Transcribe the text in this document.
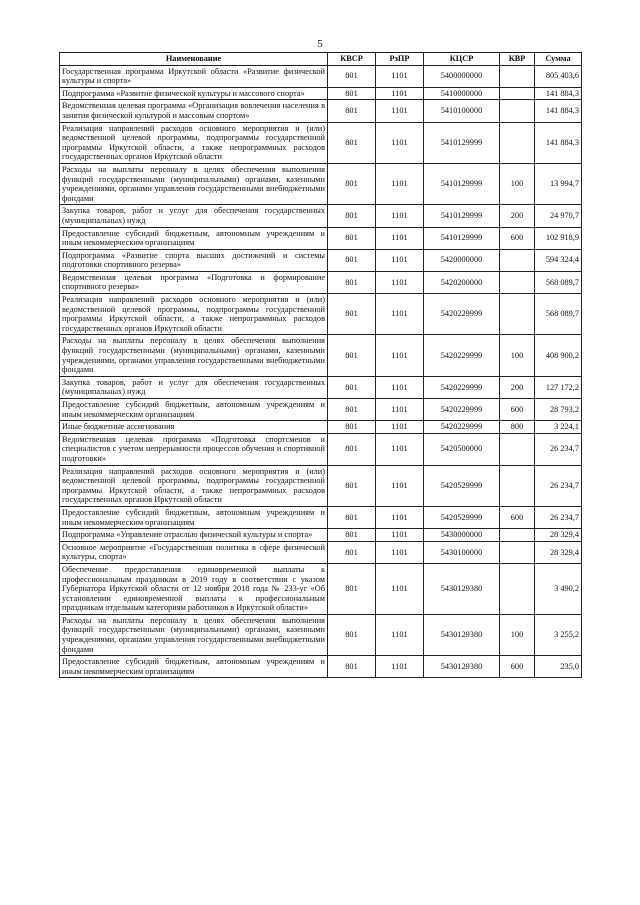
5
Наименование	КВСР	РзПР	КЦСР	КВР	Сумма
Государственная программа Иркутской области «Развитие физической культуры и спорта»	801	1101	5400000000		805 403,6
Подпрограмма «Развитие физической культуры и массового спорта»	801	1101	5410000000		141 884,3
Ведомственная целевая программа «Организация вовлечения населения в занятия физической культурой и массовым спортом»	801	1101	5410100000		141 884,3
Реализация направлений расходов основного мероприятия и (или) ведомственной целевой программы, подпрограммы государственной программы Иркутской области, а также непрограммных расходов государственных органов Иркутской области	801	1101	5410129999		141 884,3
Расходы на выплаты персоналу в целях обеспечения выполнения функций государственными (муниципальными) органами, казенными учреждениями, органами управления государственными внебюджетными фондами	801	1101	5410129999	100	13 994,7
Закупка товаров, работ и услуг для обеспечения государственных (муниципальных) нужд	801	1101	5410129999	200	24 970,7
Предоставление субсидий бюджетным, автономным учреждениям и иным некоммерческим организациям	801	1101	5410129999	600	102 918,9
Подпрограмма «Развитие спорта высших достижений и системы подготовки спортивного резерва»	801	1101	5420000000		594 324,4
Ведомственная целевая программа «Подготовка и формирование спортивного резерва»	801	1101	5420200000		568 089,7
Реализация направлений расходов основного мероприятия и (или) ведомственной целевой программы, подпрограммы государственной программы Иркутской области, а также непрограммных расходов государственных органов Иркутской области	801	1101	5420229999		568 089,7
Расходы на выплаты персоналу в целях обеспечения выполнения функций государственными (муниципальными) органами, казенными учреждениями, органами управления государственными внебюджетными фондами	801	1101	5420229999	100	408 900,2
Закупка товаров, работ и услуг для обеспечения государственных (муниципальных) нужд	801	1101	5420229999	200	127 172,2
Предоставление субсидий бюджетным, автономным учреждениям и иным некоммерческим организациям	801	1101	5420229999	600	28 793,2
Иные бюджетные ассигнования	801	1101	5420229999	800	3 224,1
Ведомственная целевая программа «Подготовка спортсменов и специалистов с учетом непрерывности процессов обучения и спортивной подготовки»	801	1101	5420500000		26 234,7
Реализация направлений расходов основного мероприятия и (или) ведомственной целевой программы, подпрограммы государственной программы Иркутской области, а также непрограммных расходов государственных органов Иркутской области	801	1101	5420529999		26 234,7
Предоставление субсидий бюджетным, автономным учреждениям и иным некоммерческим организациям	801	1101	5420529999	600	26 234,7
Подпрограмма «Управление отраслью физической культуры и спорта»	801	1101	5430000000		28 329,4
Основное мероприятие «Государственная политика в сфере физической культуры, спорта»	801	1101	5430100000		28 329,4
Обеспечение предоставления единовременной выплаты к профессиональным праздникам в 2019 году в соответствии с указом Губернатора Иркутской области от 12 ноября 2018 года № 233-уг «Об установлении единовременной выплаты к профессиональным праздникам отдельным категориям работников в Иркутской области»	801	1101	5430129380		3 490,2
Расходы на выплаты персоналу в целях обеспечения выполнения функций государственными (муниципальными) органами, казенными учреждениями, органами управления государственными внебюджетными фондами	801	1101	5430129380	100	3 255,2
Предоставление субсидий бюджетным, автономным учреждениям и иным некоммерческим организациям	801	1101	5430129380	600	235,0
